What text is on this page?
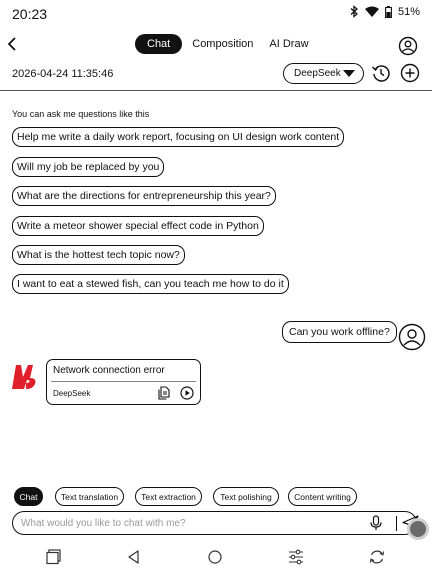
20:23	51%
Chat	Composition	AI Draw
2026-04-24 11:35:46	DeepSeek
You can ask me questions like this
Help me write a daily work report, focusing on UI design work content
Will my job be replaced by you
What are the directions for entrepreneurship this year?
Write a meteor shower special effect code in Python
What is the hottest tech topic now?
I want to eat a stewed fish, can you teach me how to do it
Can you work offline?
Network connection error
DeepSeek
Chat	Text translation	Text extraction	Text polishing	Content writing
What would you like to chat with me?
